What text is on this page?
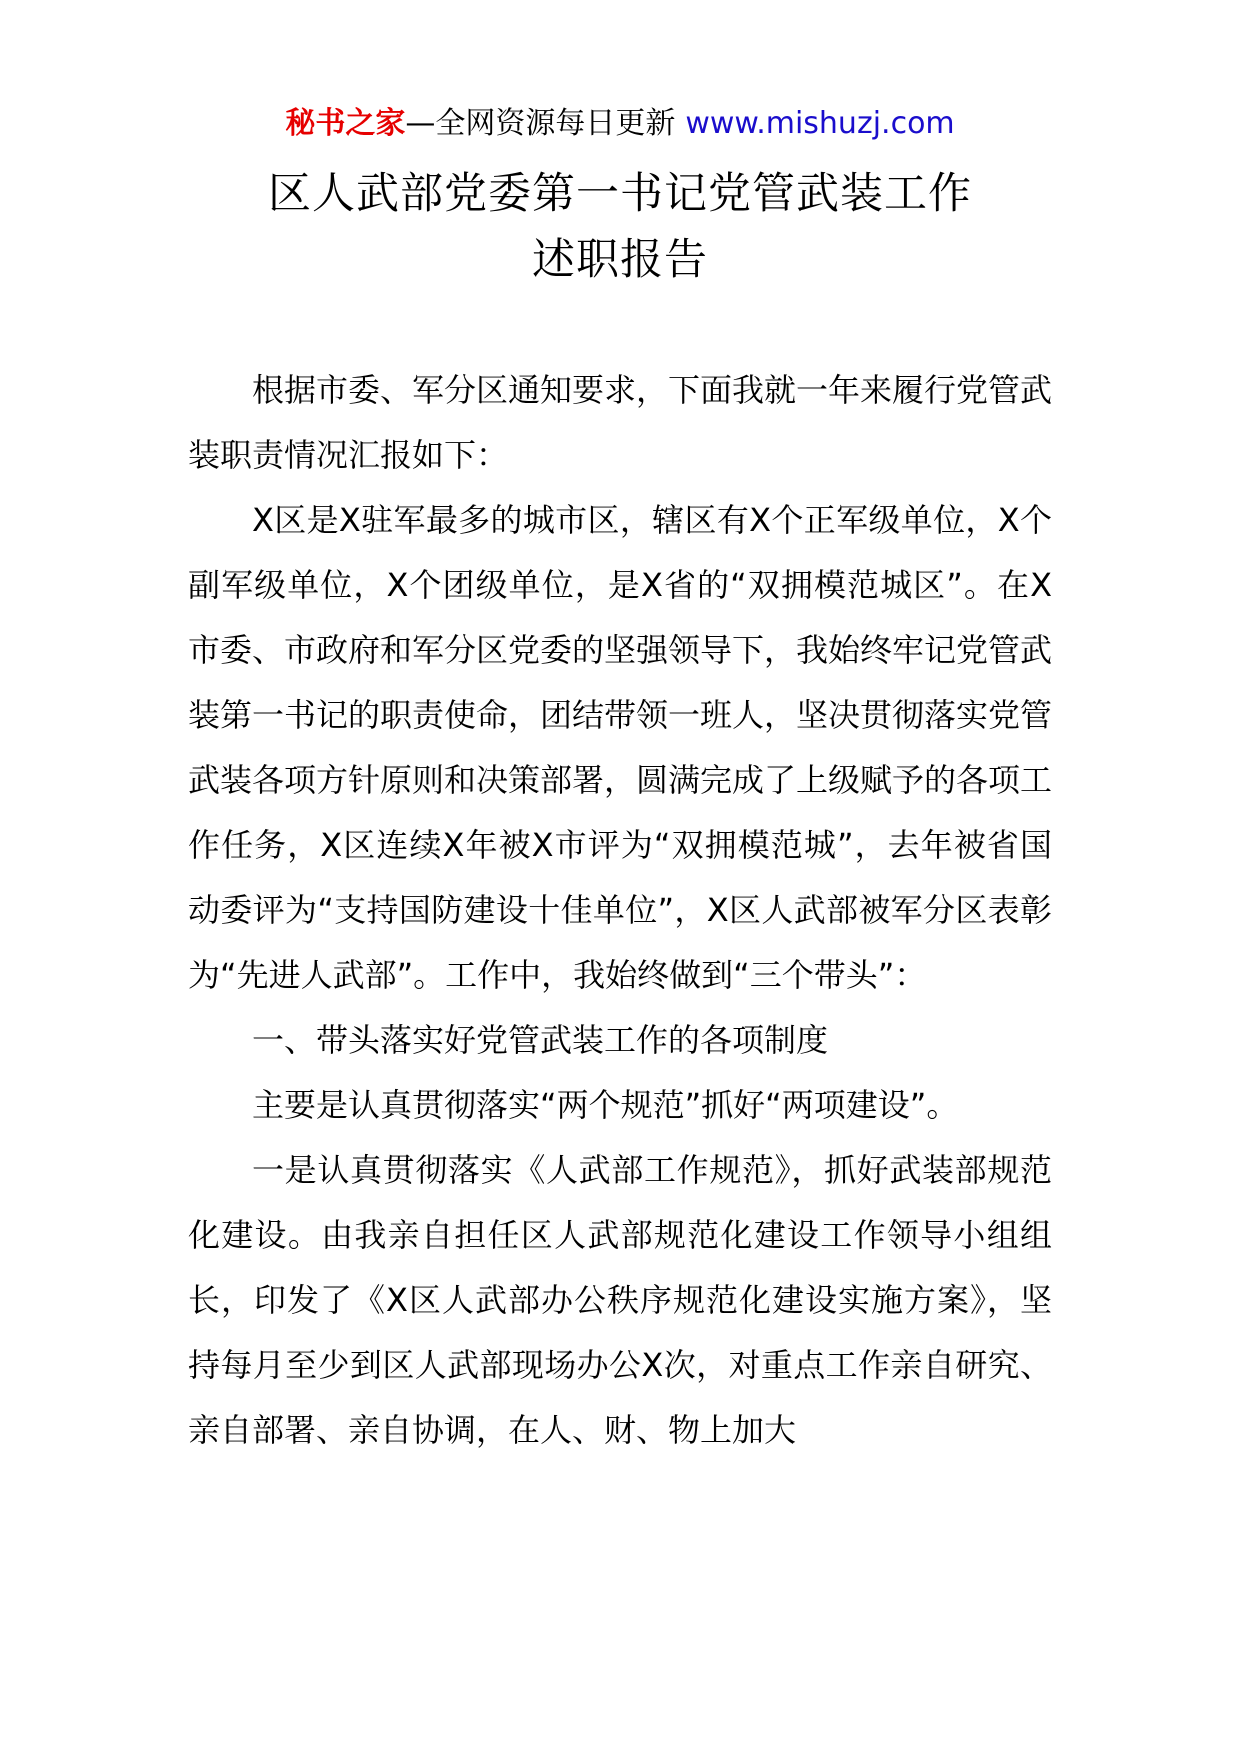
秘书之家—全网资源每日更新 www.mishuzj.com
区人武部党委第一书记党管武装工作
述职报告

根据市委、军分区通知要求，下面我就一年来履行党管武装职责情况汇报如下：

X区是X驻军最多的城市区，辖区有X个正军级单位，X个副军级单位，X个团级单位，是X省的“双拥模范城区”。在X市委、市政府和军分区党委的坚强领导下，我始终牢记党管武装第一书记的职责使命，团结带领一班人，坚决贯彻落实党管武装各项方针原则和决策部署，圆满完成了上级赋予的各项工作任务，X区连续X年被X市评为“双拥模范城”，去年被省国动委评为“支持国防建设十佳单位”，X区人武部被军分区表彰为“先进人武部”。工作中，我始终做到“三个带头”：

一、带头落实好党管武装工作的各项制度

主要是认真贯彻落实“两个规范”抓好“两项建设”。

一是认真贯彻落实《人武部工作规范》，抓好武装部规范化建设。由我亲自担任区人武部规范化建设工作领导小组组长，印发了《X区人武部办公秩序规范化建设实施方案》，坚持每月至少到区人武部现场办公X次，对重点工作亲自研究、亲自部署、亲自协调，在人、财、物上加大
